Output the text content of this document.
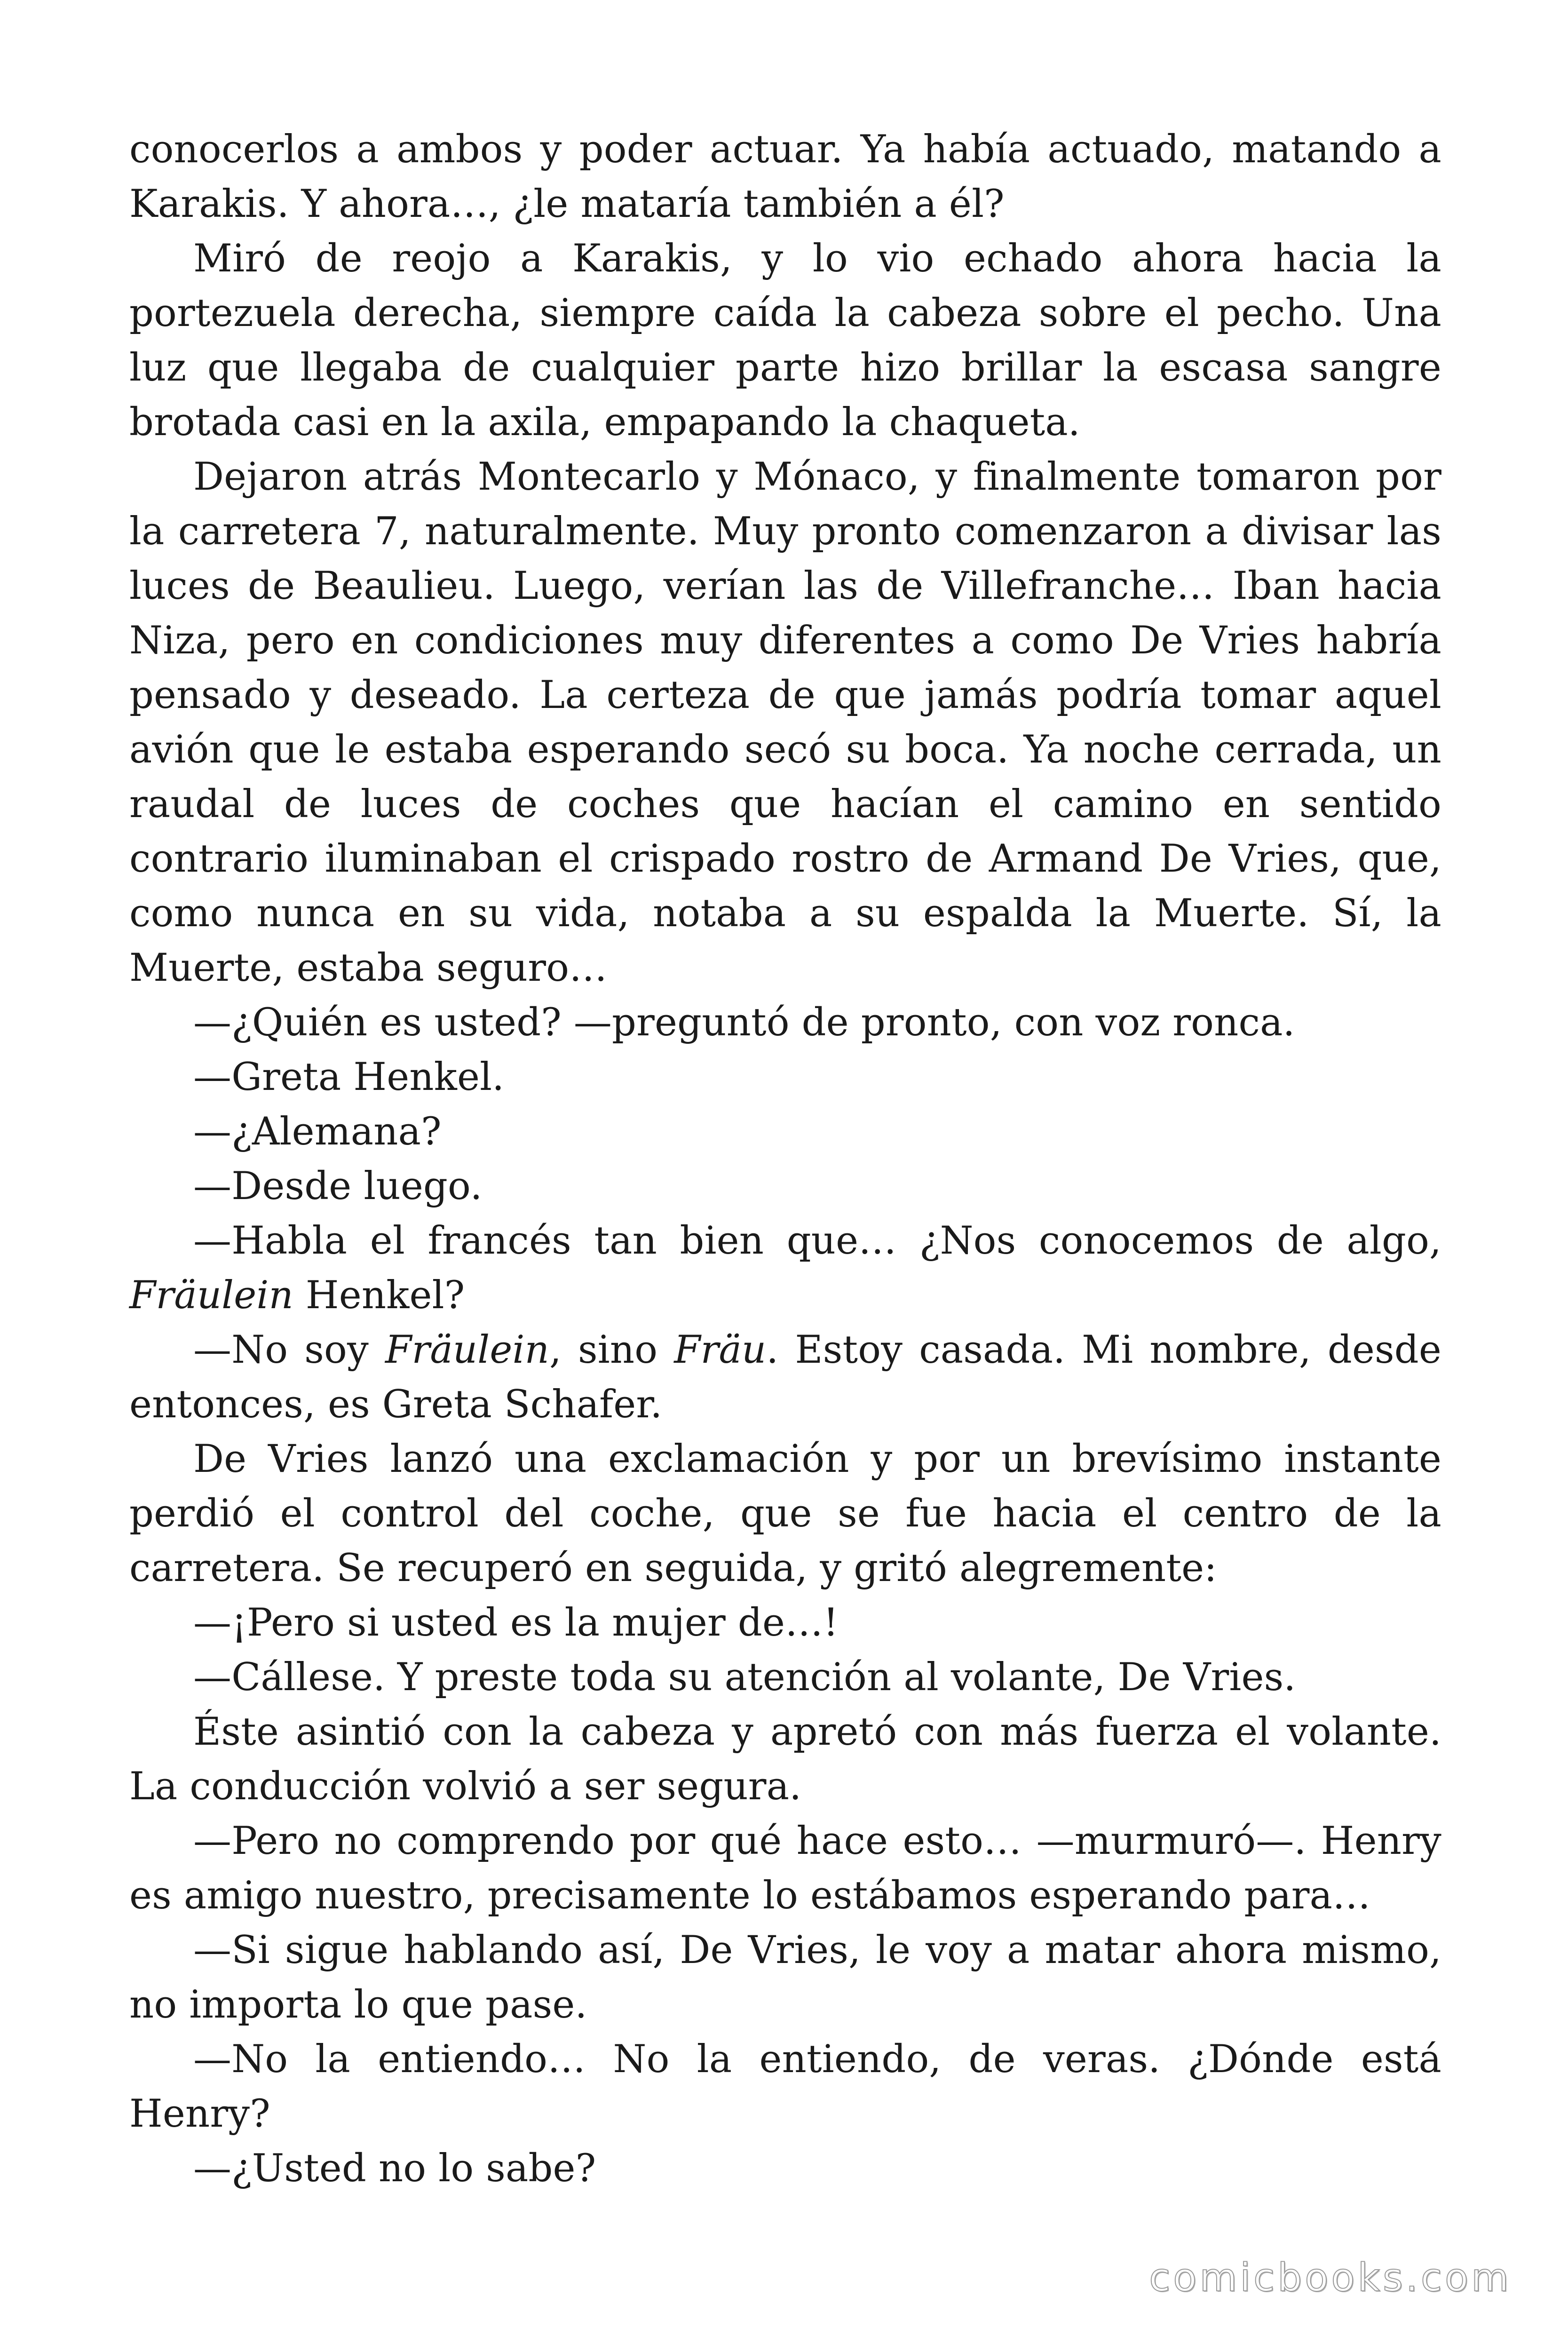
conocerlos a ambos y poder actuar. Ya había actuado, matando a Karakis. Y ahora…, ¿le mataría también a él?

Miró de reojo a Karakis, y lo vio echado ahora hacia la portezuela derecha, siempre caída la cabeza sobre el pecho. Una luz que llegaba de cualquier parte hizo brillar la escasa sangre brotada casi en la axila, empapando la chaqueta.

Dejaron atrás Montecarlo y Mónaco, y finalmente tomaron por la carretera 7, naturalmente. Muy pronto comenzaron a divisar las luces de Beaulieu. Luego, verían las de Villefranche… Iban hacia Niza, pero en condiciones muy diferentes a como De Vries habría pensado y deseado. La certeza de que jamás podría tomar aquel avión que le estaba esperando secó su boca. Ya noche cerrada, un raudal de luces de coches que hacían el camino en sentido contrario iluminaban el crispado rostro de Armand De Vries, que, como nunca en su vida, notaba a su espalda la Muerte. Sí, la Muerte, estaba seguro…

—¿Quién es usted? —preguntó de pronto, con voz ronca.

—Greta Henkel.

—¿Alemana?

—Desde luego.

—Habla el francés tan bien que… ¿Nos conocemos de algo, Fräulein Henkel?

—No soy Fräulein, sino Fräu. Estoy casada. Mi nombre, desde entonces, es Greta Schafer.

De Vries lanzó una exclamación y por un brevísimo instante perdió el control del coche, que se fue hacia el centro de la carretera. Se recuperó en seguida, y gritó alegremente:

—¡Pero si usted es la mujer de…!

—Cállese. Y preste toda su atención al volante, De Vries.

Éste asintió con la cabeza y apretó con más fuerza el volante. La conducción volvió a ser segura.

—Pero no comprendo por qué hace esto… —murmuró—. Henry es amigo nuestro, precisamente lo estábamos esperando para…

—Si sigue hablando así, De Vries, le voy a matar ahora mismo, no importa lo que pase.

—No la entiendo… No la entiendo, de veras. ¿Dónde está Henry?

—¿Usted no lo sabe?

comicbooks.com
